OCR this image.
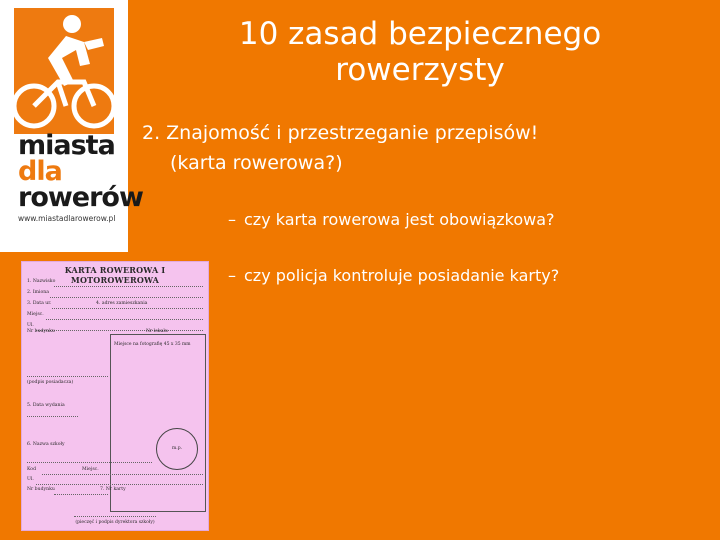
miasta
dla
rowerów
www.miastadlarowerow.pl
10 zasad bezpiecznego
rowerzysty
2. Znajomość i przestrzeganie przepisów!
(karta rowerowa?)
– czy karta rowerowa jest obowiązkowa?
– czy policja kontroluje posiadanie karty?
KARTA ROWEROWA I MOTOROWEROWA
1. Nazwisko
2. Imiona
3. Data ur.	4. adres zamieszkania
Miejsc.
Ul.
Nr budynku	Nr lokalu
Miejsce na fotografię 45 x 35 mm
(podpis posiadacza)
5. Data wydania
6. Nazwa szkoły
m.p.
Kod	Miejsc.
Ul.
Nr budynku	7. Nr karty
(pieczęć i podpis dyrektora szkoły)
